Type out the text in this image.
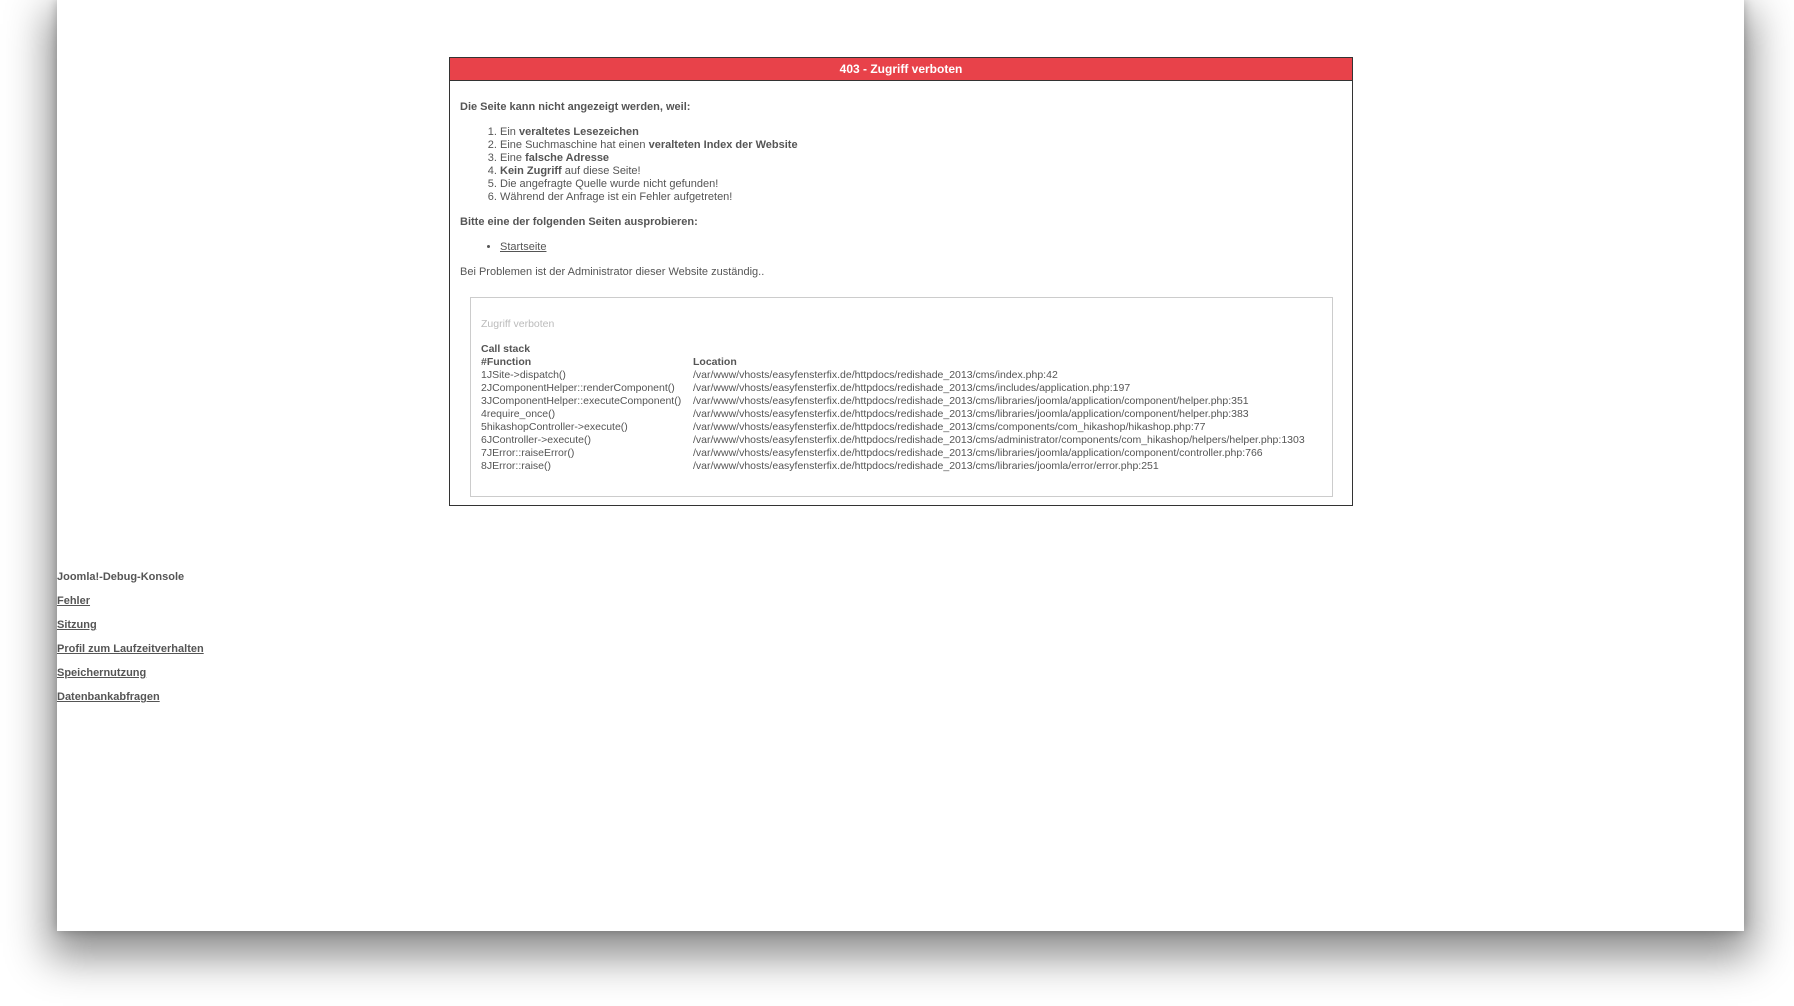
403 - Zugriff verboten

Die Seite kann nicht angezeigt werden, weil:

1. Ein veraltetes Lesezeichen
2. Eine Suchmaschine hat einen veralteten Index der Website
3. Eine falsche Adresse
4. Kein Zugriff auf diese Seite!
5. Die angefragte Quelle wurde nicht gefunden!
6. Während der Anfrage ist ein Fehler aufgetreten!

Bitte eine der folgenden Seiten ausprobieren:

• Startseite

Bei Problemen ist der Administrator dieser Website zuständig..

Zugriff verboten
Call stack	
#Function	Location
1JSite->dispatch()	/var/www/vhosts/easyfensterfix.de/httpdocs/redishade_2013/cms/index.php:42
2JComponentHelper::renderComponent()	/var/www/vhosts/easyfensterfix.de/httpdocs/redishade_2013/cms/includes/application.php:197
3JComponentHelper::executeComponent()	/var/www/vhosts/easyfensterfix.de/httpdocs/redishade_2013/cms/libraries/joomla/application/component/helper.php:351
4require_once()	/var/www/vhosts/easyfensterfix.de/httpdocs/redishade_2013/cms/libraries/joomla/application/component/helper.php:383
5hikashopController->execute()	/var/www/vhosts/easyfensterfix.de/httpdocs/redishade_2013/cms/components/com_hikashop/hikashop.php:77
6JController->execute()	/var/www/vhosts/easyfensterfix.de/httpdocs/redishade_2013/cms/administrator/components/com_hikashop/helpers/helper.php:1303
7JError::raiseError()	/var/www/vhosts/easyfensterfix.de/httpdocs/redishade_2013/cms/libraries/joomla/application/component/controller.php:766
8JError::raise()	/var/www/vhosts/easyfensterfix.de/httpdocs/redishade_2013/cms/libraries/joomla/error/error.php:251
Joomla!-Debug-Konsole
Fehler
Sitzung
Profil zum Laufzeitverhalten
Speichernutzung
Datenbankabfragen
